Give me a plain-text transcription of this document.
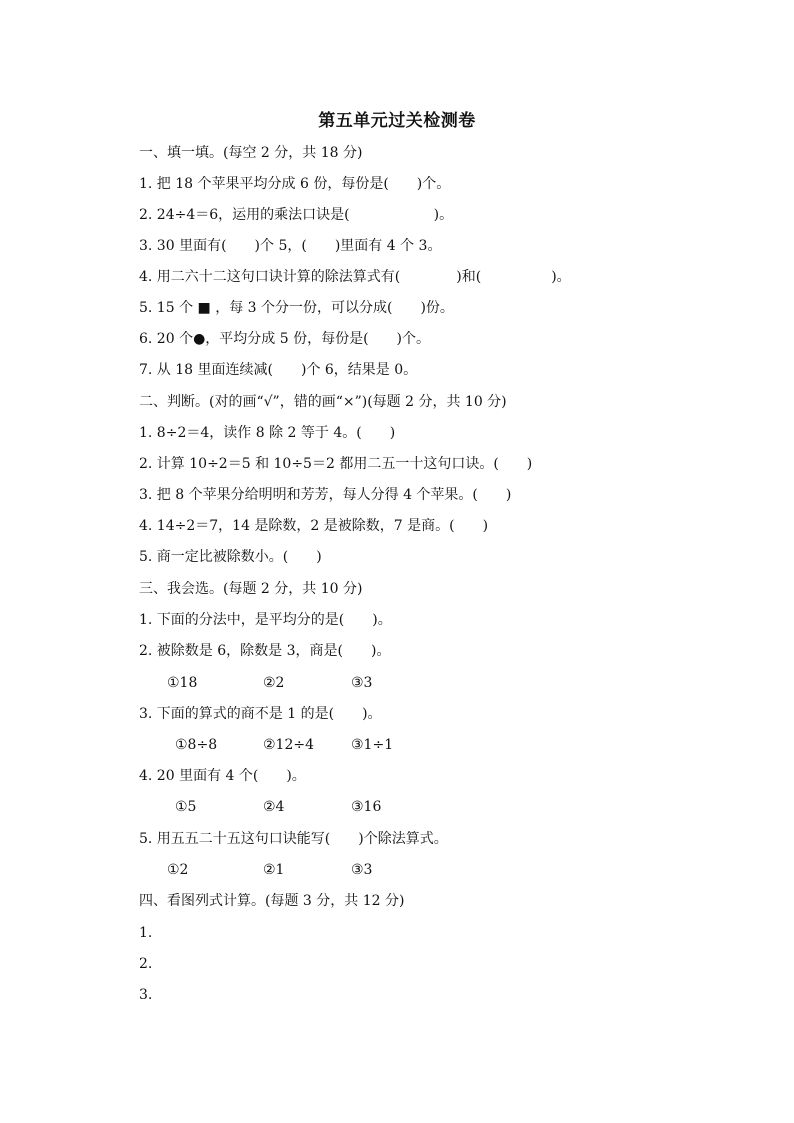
第五单元过关检测卷
一、填一填。(每空 2 分，共 18 分)
1. 把 18 个苹果平均分成 6 份，每份是(　　)个。
2. 24÷4＝6，运用的乘法口诀是(　　　　　　)。
3. 30 里面有(　　)个 5，(　　)里面有 4 个 3。
4. 用二六十二这句口诀计算的除法算式有(　　　　)和(　　　　　)。
5. 15 个 ■ ，每 3 个分一份，可以分成(　　)份。
6. 20 个●，平均分成 5 份，每份是(　　)个。
7. 从 18 里面连续减(　　)个 6，结果是 0。
二、判断。(对的画“√”，错的画“×”)(每题 2 分，共 10 分)
1. 8÷2＝4，读作 8 除 2 等于 4。(　　)
2. 计算 10÷2＝5 和 10÷5＝2 都用二五一十这句口诀。(　　)
3. 把 8 个苹果分给明明和芳芳，每人分得 4 个苹果。(　　)
4. 14÷2＝7，14 是除数，2 是被除数，7 是商。(　　)
5. 商一定比被除数小。(　　)
三、我会选。(每题 2 分，共 10 分)
1. 下面的分法中，是平均分的是(　　)。
2. 被除数是 6，除数是 3，商是(　　)。
①18	②2	③3
3. 下面的算式的商不是 1 的是(　　)。
①8÷8	②12÷4	③1÷1
4. 20 里面有 4 个(　　)。
①5	②4	③16
5. 用五五二十五这句口诀能写(　　)个除法算式。
①2	②1	③3
四、看图列式计算。(每题 3 分，共 12 分)
1.
2.
3.
